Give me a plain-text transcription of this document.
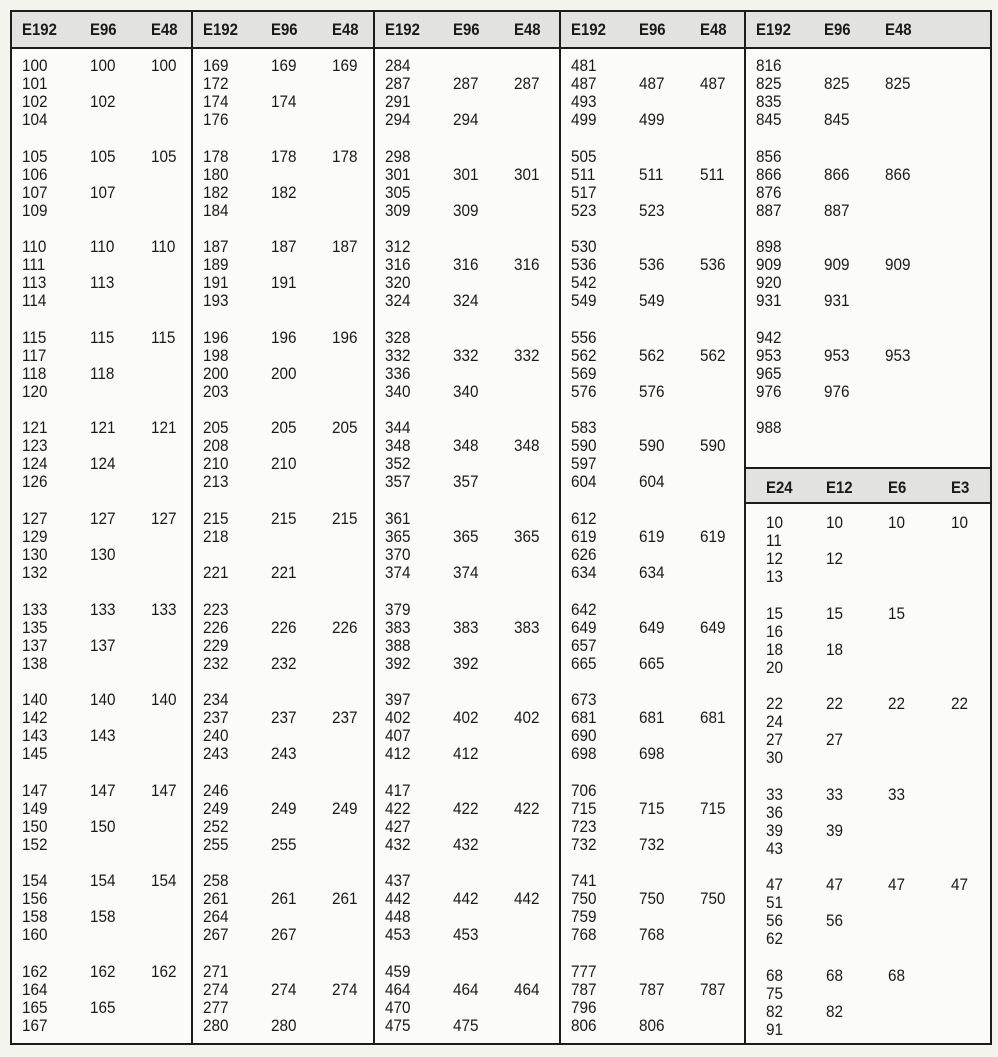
E192 E96 E48 E192 E96 E48 E192 E96 E48 E192 E96 E48 E192 E96 E48
100 100 100
101
102 102
104
105 105 105
106
107 107
109
110	110 110
111
113	113
114
115	115 115
117
118	118
120
121 121 121
123
124 124
126
127 127 127
129
130 130
132
133 133 133
135
137 137
138
140 140 140
142
143 143
145
147 147 147
149
150 150
152
154 154 154
156
158 158
160
162 162 162
164
165 165
167
169 169 169
172
174 174
176
178 178 178
180
182 182
184
187 187 187
189
191 191
193
196 196 196
198
200 200
203
205 205 205
208
210 210
213
215 215 215
218
221 221
223
226 226 226
229
232 232
234
237 237 237
240
243 243
246
249 249 249
252
255 255
258
261 261 261
264
267 267
271
274 274 274
277
280 280
284
287 287 287
291
294 294
298
301 301 301
305
309 309
312
316 316 316
320
324 324
328
332 332 332
336
340 340
344
348 348 348
352
357 357
361
365 365 365
370
374 374
379
383 383 383
388
392 392
397
402 402 402
407
412 412
417
422 422 422
427
432 432
437
442 442 442
448
453 453
459
464 464 464
470
475 475
481
487 487 487
493
499 499
505
511	511 511
517
523 523
530
536 536 536
542
549 549
556
562 562 562
569
576 576
583
590 590 590
597
604 604
612
619 619 619
626
634 634
642
649 649 649
657
665 665
673
681 681 681
690
698 698
706
715 715 715
723
732 732
741
750 750 750
759
768 768
777
787 787 787
796
806 806
816
825 825 825
835
845 845
856
866 866 866
876
887 887
898
909 909 909
920
931 931
942
953 953 953
965
976 976
988
E24 E12 E6	E3
10	10	10	10
11
12	12
13
15	15	15
16
18	18
20
22	22	22	22
24
27	27
30
33	33	33
36
39	39
43
47	47	47	47
51
56	56
62
68	68	68
75
82	82
91
